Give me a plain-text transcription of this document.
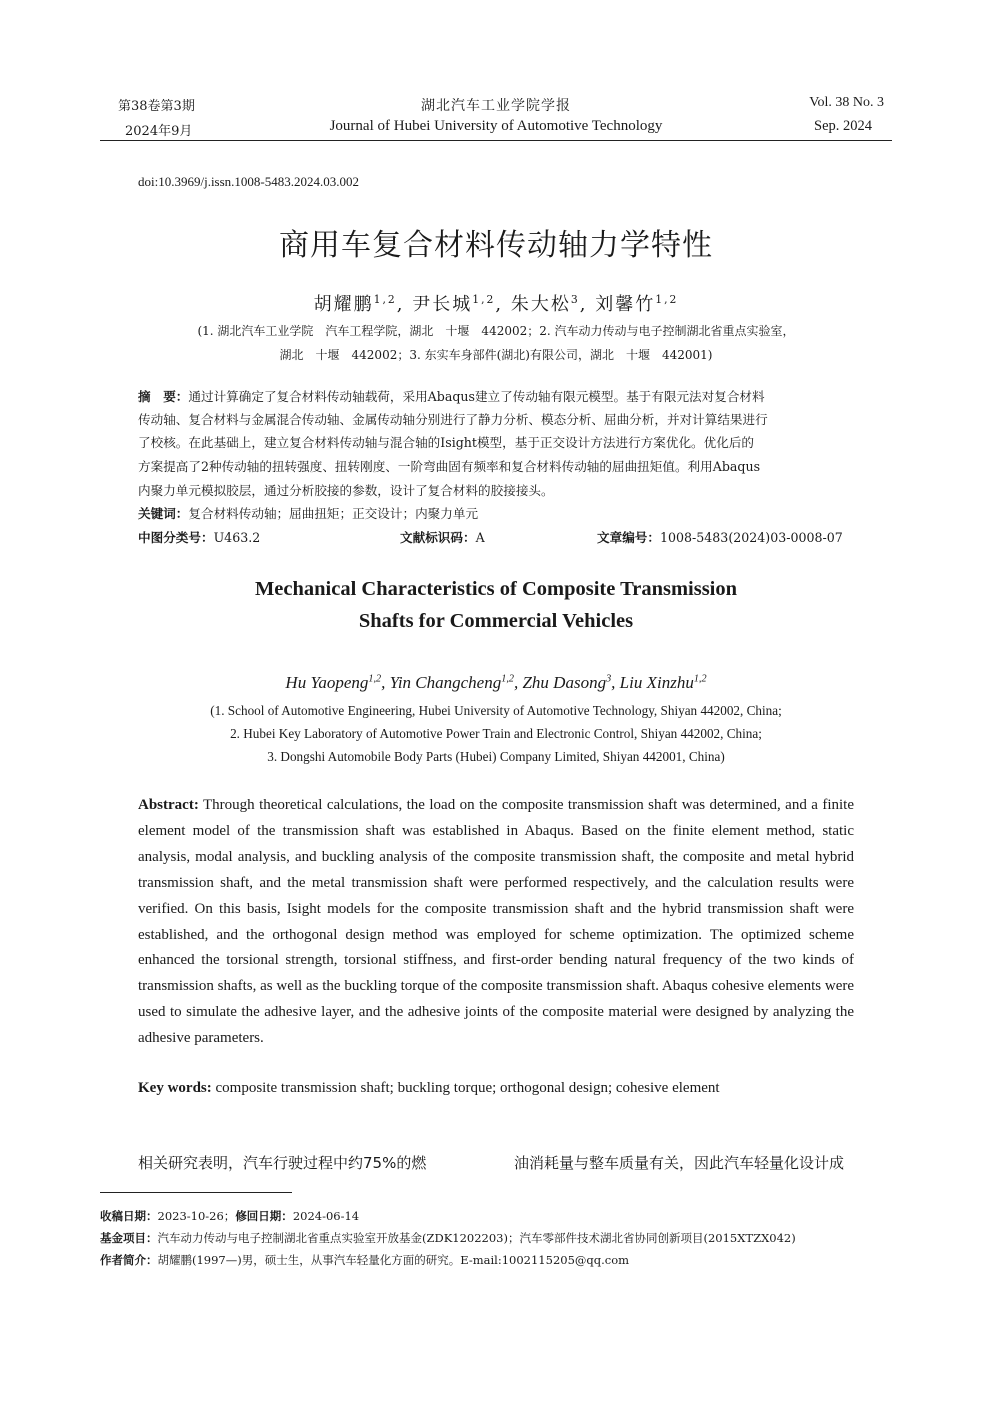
第38卷第3期	湖北汽车工业学院学报	Vol. 38 No. 3
2024年9月	Journal of Hubei University of Automotive Technology	Sep. 2024
doi:10.3969/j.issn.1008-5483.2024.03.002
商用车复合材料传动轴力学特性
胡耀鹏$^{1,2}$, 尹长城$^{1,2}$, 朱大松$^3$, 刘馨竹$^{1,2}$
(1. 湖北汽车工业学院　汽车工程学院，湖北　十堰　442002；2. 汽车动力传动与电子控制湖北省重点实验室，
湖北　十堰　442002；3. 东实车身部件(湖北)有限公司，湖北　十堰　442001)
摘　要：通过计算确定了复合材料传动轴载荷，采用Abaqus建立了传动轴有限元模型。基于有限元法对复合材料
传动轴、复合材料与金属混合传动轴、金属传动轴分别进行了静力分析、模态分析、屈曲分析，并对计算结果进行
了校核。在此基础上，建立复合材料传动轴与混合轴的Isight模型，基于正交设计方法进行方案优化。优化后的
方案提高了2种传动轴的扭转强度、扭转刚度、一阶弯曲固有频率和复合材料传动轴的屈曲扭矩值。利用Abaqus
内聚力单元模拟胶层，通过分析胶接的参数，设计了复合材料的胶接接头。
关键词：复合材料传动轴；屈曲扭矩；正交设计；内聚力单元
中图分类号：U463.2	文献标识码：A	文章编号：1008-5483(2024)03-0008-07
Mechanical Characteristics of Composite Transmission
Shafts for Commercial Vehicles
Hu Yaopeng$^{1,2}$, Yin Changcheng$^{1,2}$, Zhu Dasong$^3$, Liu Xinzhu$^{1,2}$
(1. School of Automotive Engineering, Hubei University of Automotive Technology, Shiyan 442002, China;
2. Hubei Key Laboratory of Automotive Power Train and Electronic Control, Shiyan 442002, China;
3. Dongshi Automobile Body Parts (Hubei) Company Limited, Shiyan 442001, China)
Abstract: Through theoretical calculations, the load on the composite transmission shaft was determined, and a finite element model of the transmission shaft was established in Abaqus. Based on the finite element method, static analysis, modal analysis, and buckling analysis of the composite transmission shaft, the composite and metal hybrid transmission shaft, and the metal transmission shaft were performed respectively, and the calculation results were verified. On this basis, Isight models for the composite transmission shaft and the hybrid transmission shaft were established, and the orthogonal design method was employed for scheme optimization. The optimized scheme enhanced the torsional strength, torsional stiffness, and first-order bending natural frequency of the two kinds of transmission shafts, as well as the buckling torque of the composite transmission shaft. Abaqus cohesive elements were used to simulate the adhesive layer, and the adhesive joints of the composite material were designed by analyzing the adhesive parameters.
Key words: composite transmission shaft; buckling torque; orthogonal design; cohesive element
相关研究表明，汽车行驶过程中约75%的燃	油消耗量与整车质量有关，因此汽车轻量化设计成
收稿日期：2023-10-26；修回日期：2024-06-14
基金项目：汽车动力传动与电子控制湖北省重点实验室开放基金(ZDK1202203)；汽车零部件技术湖北省协同创新项目(2015XTZX042)
作者简介：胡耀鹏(1997—)男，硕士生，从事汽车轻量化方面的研究。E-mail:1002115205@qq.com
